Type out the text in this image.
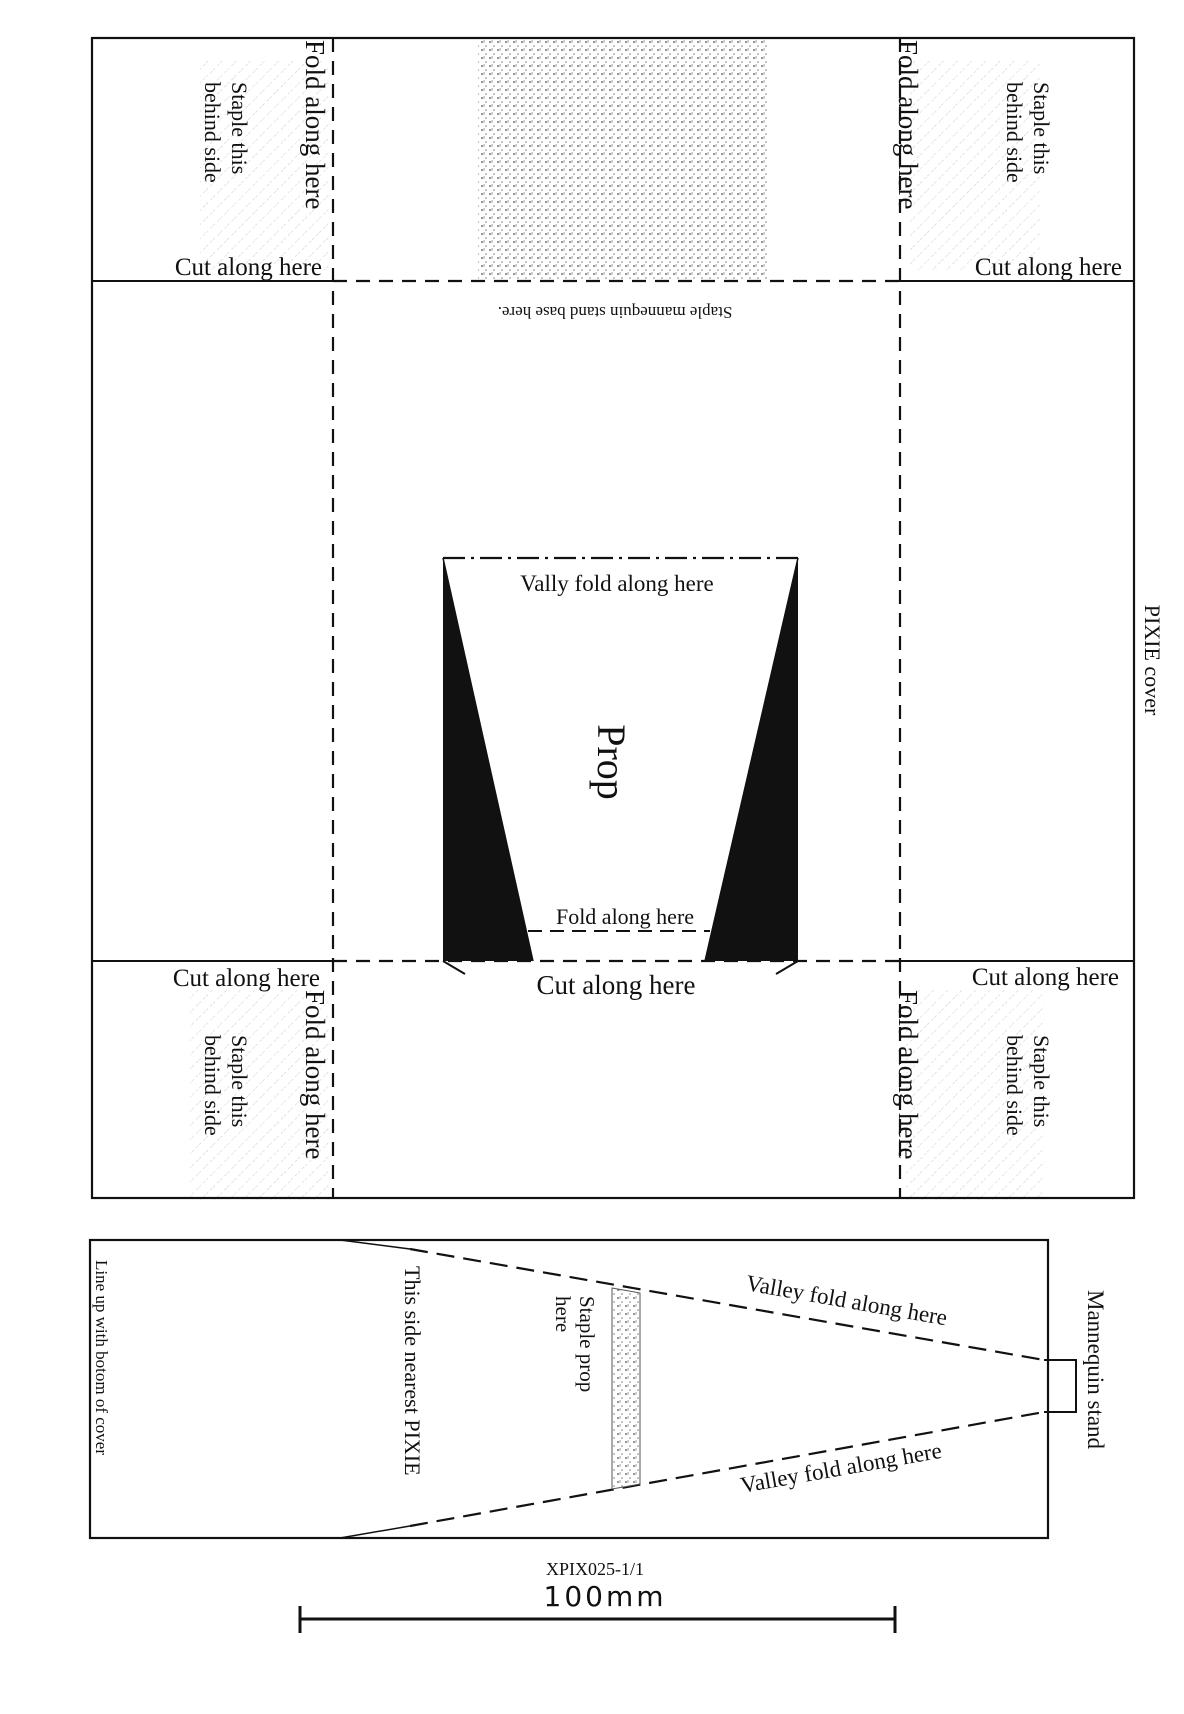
PIXIE cover
Cut along here
Fold along here
Staple this
behind side
Cut along here
Fold along here	Staple this
behind side
Staple mannequin stand base here.
Cut along here
Fold along here
Staple this
behind side
Cut along here
Fold along here	Staple this
behind side
Cut along here
Vally fold along here
Prop
Fold along here
Line up with botom of cover	This side nearest PIXIE	Staple prop
here	Valley fold along here
Valley fold along here
Mannequin stand
XPIX025-1/1
100mm
